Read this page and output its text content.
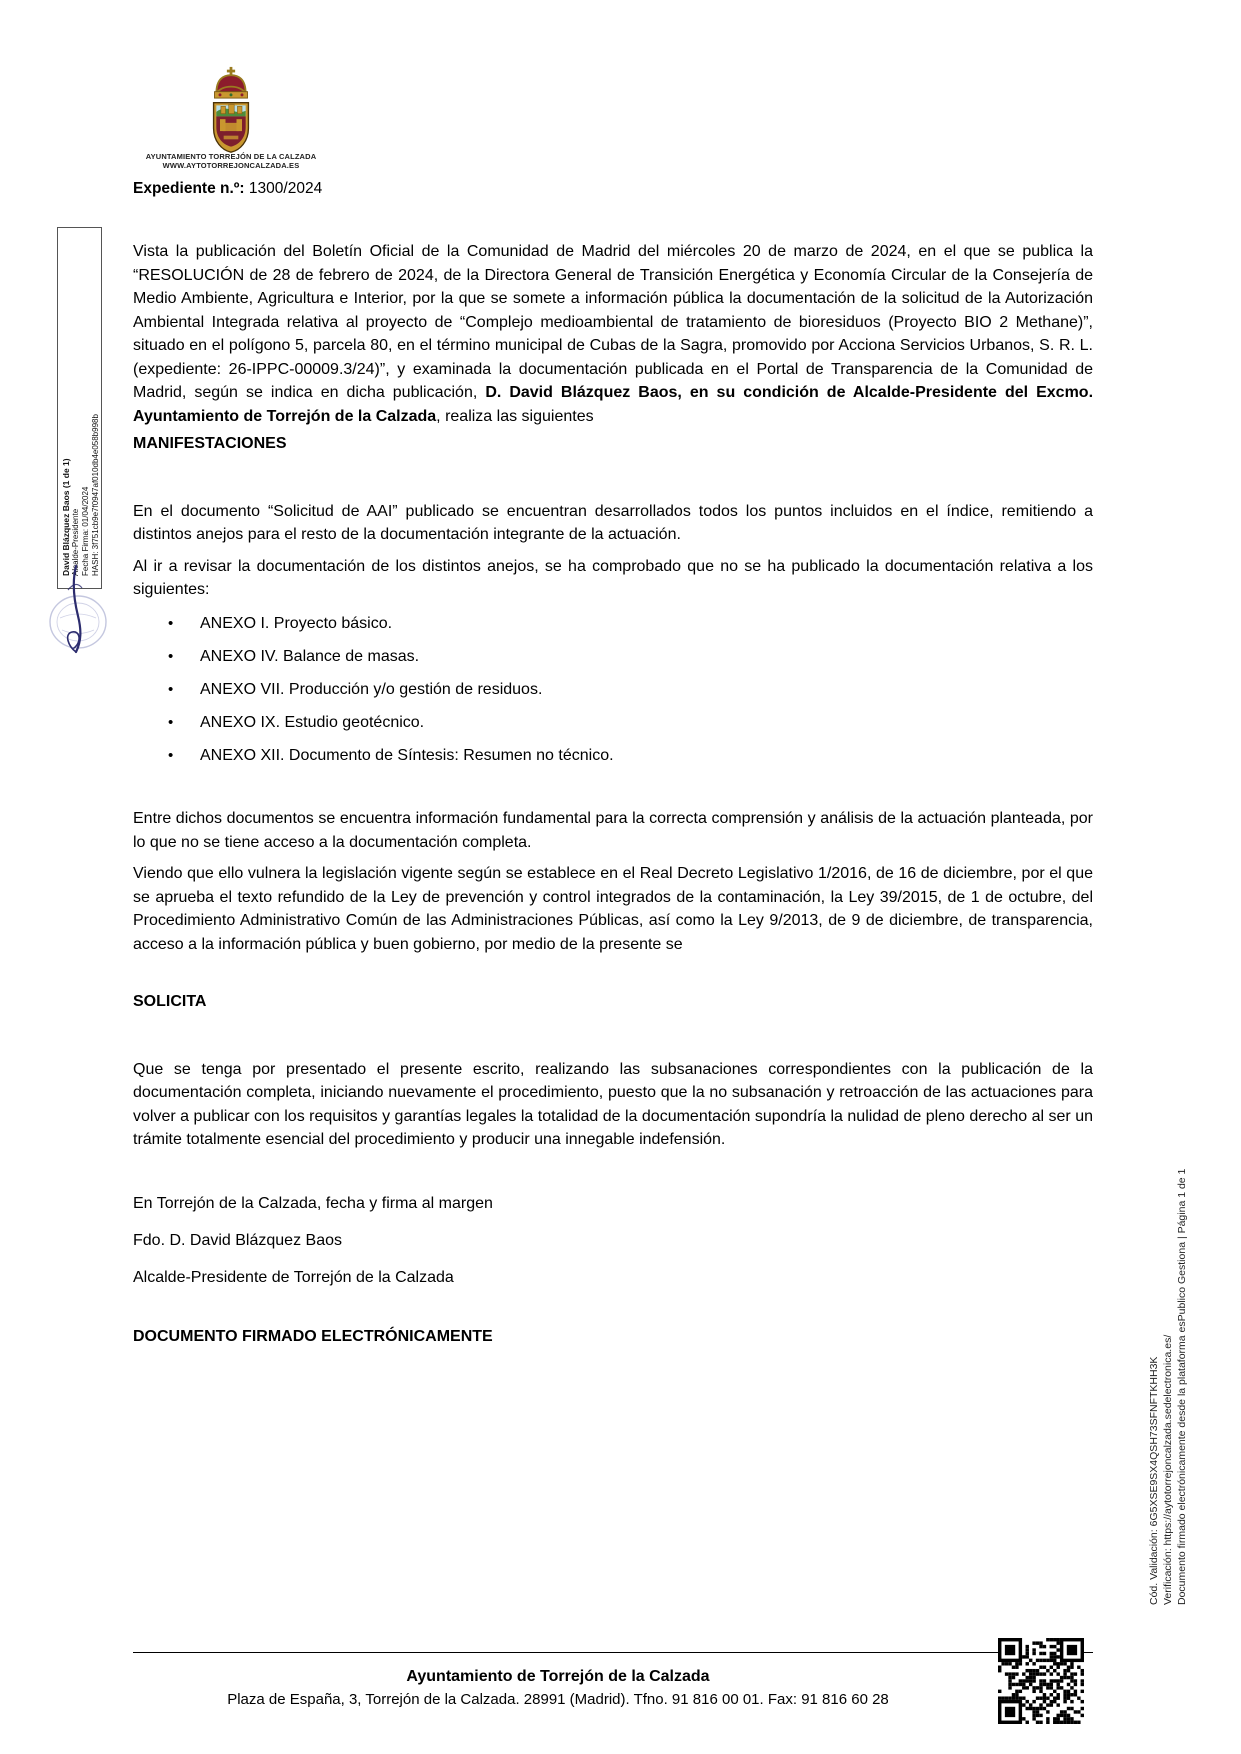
AYUNTAMIENTO TORREJÓN DE LA CALZADA
WWW.AYTOTORREJONCALZADA.ES
Expediente n.º: 1300/2024
David Blázquez Baos (1 de 1) Alcalde-Presidente Fecha Firma: 01/04/2024 HASH: 3f751cb9e7f0947af010db4e058b998b

Vista la publicación del Boletín Oficial de la Comunidad de Madrid del miércoles 20 de marzo de 2024, en el que se publica la “RESOLUCIÓN de 28 de febrero de 2024, de la Directora General de Transición Energética y Economía Circular de la Consejería de Medio Ambiente, Agricultura e Interior, por la que se somete a información pública la documentación de la solicitud de la Autorización Ambiental Integrada relativa al proyecto de “Complejo medioambiental de tratamiento de bioresiduos (Proyecto BIO 2 Methane)”, situado en el polígono 5, parcela 80, en el término municipal de Cubas de la Sagra, promovido por Acciona Servicios Urbanos, S. R. L. (expediente: 26-IPPC-00009.3/24)”, y examinada la documentación publicada en el Portal de Transparencia de la Comunidad de Madrid, según se indica en dicha publicación, D. David Blázquez Baos, en su condición de Alcalde-Presidente del Excmo. Ayuntamiento de Torrejón de la Calzada, realiza las siguientes

MANIFESTACIONES

En el documento “Solicitud de AAI” publicado se encuentran desarrollados todos los puntos incluidos en el índice, remitiendo a distintos anejos para el resto de la documentación integrante de la actuación.

Al ir a revisar la documentación de los distintos anejos, se ha comprobado que no se ha publicado la documentación relativa a los siguientes:

• ANEXO I. Proyecto básico.
• ANEXO IV. Balance de masas.
• ANEXO VII. Producción y/o gestión de residuos.
• ANEXO IX. Estudio geotécnico.
• ANEXO XII. Documento de Síntesis: Resumen no técnico.

Entre dichos documentos se encuentra información fundamental para la correcta comprensión y análisis de la actuación planteada, por lo que no se tiene acceso a la documentación completa.

Viendo que ello vulnera la legislación vigente según se establece en el Real Decreto Legislativo 1/2016, de 16 de diciembre, por el que se aprueba el texto refundido de la Ley de prevención y control integrados de la contaminación, la Ley 39/2015, de 1 de octubre, del Procedimiento Administrativo Común de las Administraciones Públicas, así como la Ley 9/2013, de 9 de diciembre, de transparencia, acceso a la información pública y buen gobierno, por medio de la presente se

SOLICITA

Que se tenga por presentado el presente escrito, realizando las subsanaciones correspondientes con la publicación de la documentación completa, iniciando nuevamente el procedimiento, puesto que la no subsanación y retroacción de las actuaciones para volver a publicar con los requisitos y garantías legales la totalidad de la documentación supondría la nulidad de pleno derecho al ser un trámite totalmente esencial del procedimiento y producir una innegable indefensión.

En Torrejón de la Calzada, fecha y firma al margen

Fdo. D. David Blázquez Baos

Alcalde-Presidente de Torrejón de la Calzada

DOCUMENTO FIRMADO ELECTRÓNICAMENTE

Cód. Validación: 6G5XSE9SX4QSH73SFNFTKHH3K Verificación: https://aytotorrejoncalzada.sedelectronica.es/ Documento firmado electrónicamente desde la plataforma esPublico Gestiona | Página 1 de 1
Ayuntamiento de Torrejón de la Calzada
Plaza de España, 3, Torrejón de la Calzada. 28991 (Madrid). Tfno. 91 816 00 01. Fax: 91 816 60 28
